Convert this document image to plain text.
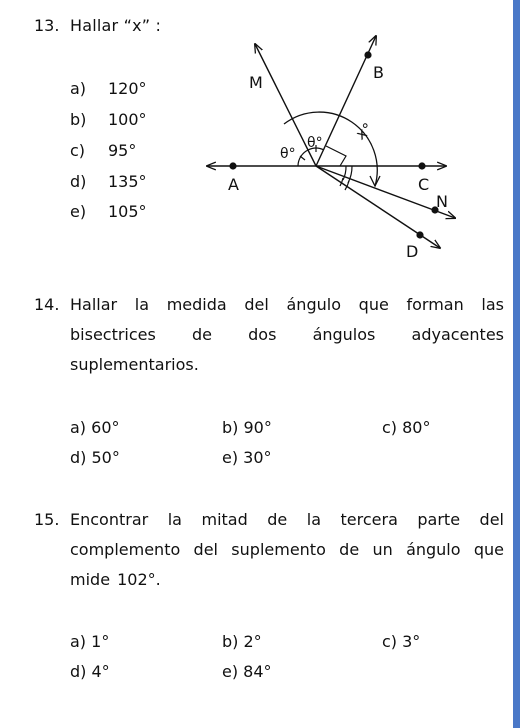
13. Hallar “x” :
a) 120°
b) 100°
c) 95°
d) 135°
e) 105°
M
B
A	C
N
D
x°
θ°
θ°
14. Hallar la medida del ángulo que forman las bisectrices de dos ángulos adyacentes suplementarios.
a) 60°	b) 90°	c) 80°
d) 50°	e) 30°
15. Encontrar la mitad de la tercera parte del complemento del suplemento de un ángulo que mide 102°.
a) 1°	b) 2°	c) 3°
d) 4°	e) 84°
